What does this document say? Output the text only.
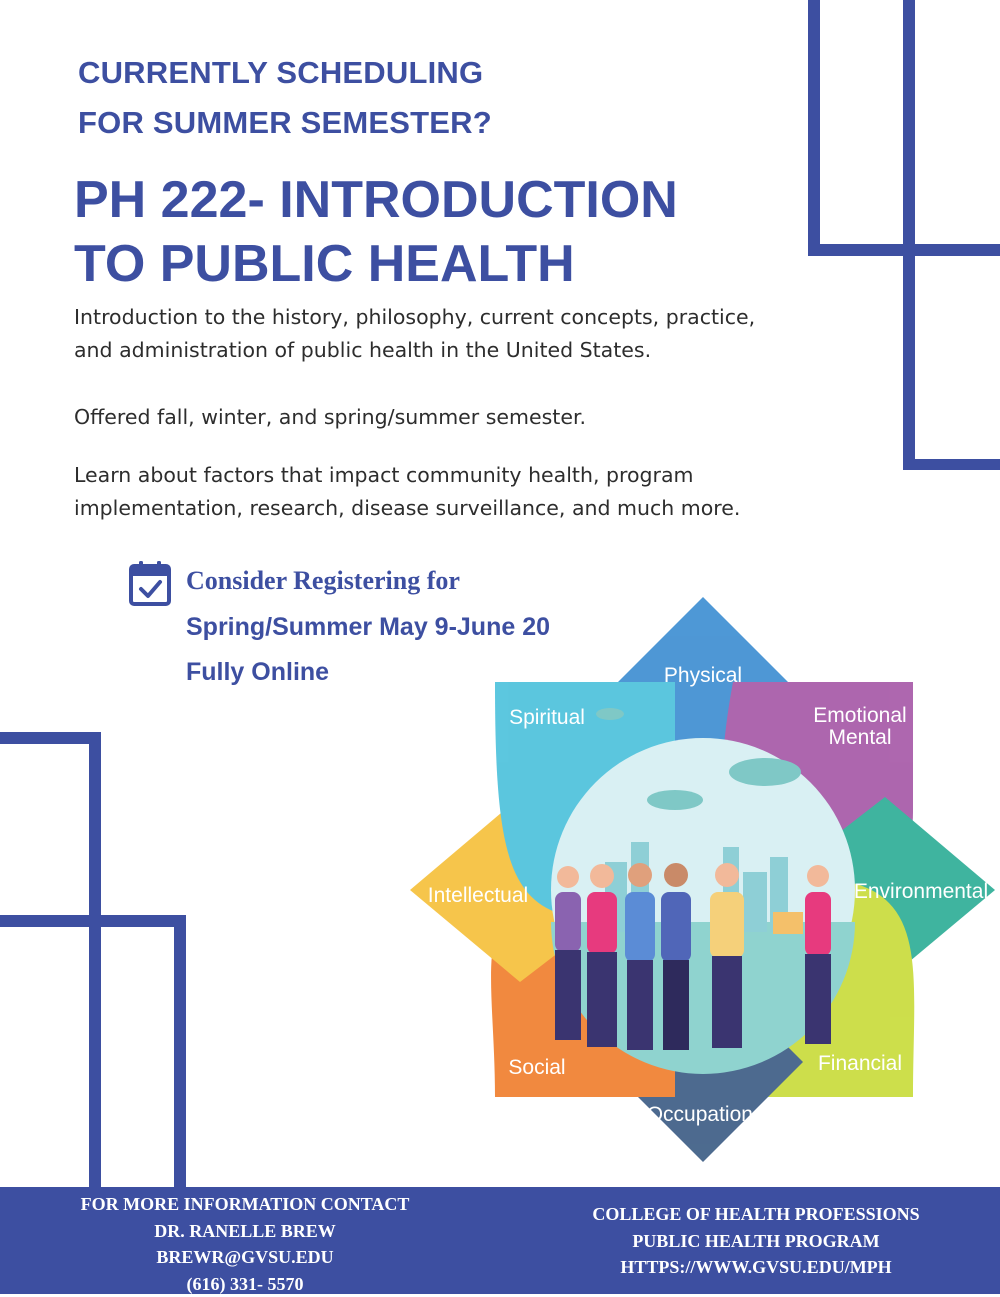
CURRENTLY SCHEDULING
FOR SUMMER SEMESTER?
PH 222- INTRODUCTION
TO PUBLIC HEALTH

Introduction to the history, philosophy, current concepts, practice,
and administration of public health in the United States.

Offered fall, winter, and spring/summer semester.

Learn about factors that impact community health, program
implementation, research, disease surveillance, and much more.

Consider Registering for

Spring/Summer May 9-June 20

Fully Online	Physical
Emotional
Mental
Environmental
Financial
Occupational
Social
Intellectual
Spiritual
FOR MORE INFORMATION CONTACT
DR. RANELLE BREW
BREWR@GVSU.EDU
(616) 331- 5570
COLLEGE OF HEALTH PROFESSIONS
PUBLIC HEALTH PROGRAM
HTTPS://WWW.GVSU.EDU/MPH
